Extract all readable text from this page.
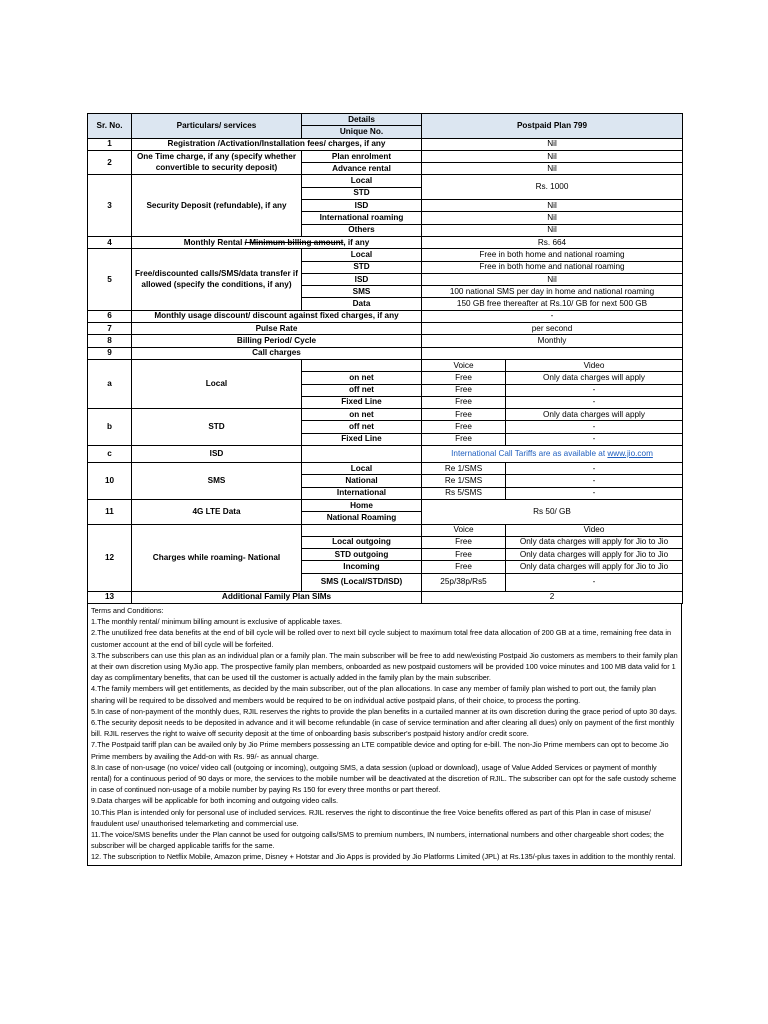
Sr. No.	Particulars/ services	Details	Postpaid Plan 799	
		Unique No.		
1	Registration /Activation/Installation fees/ charges, if any		Nil	
2	One Time charge, if any (specify whether convertible to security deposit)	Plan enrolment	Nil	
		Advance rental	Nil	
3	Security Deposit (refundable), if any	Local	Rs. 1000	
		STD		
		ISD	Nil	
		International roaming	Nil	
		Others	Nil	
4	Monthly Rental / Minimum billing amount, if any		Rs. 664	
5	Free/discounted calls/SMS/data transfer if allowed (specify the conditions, if any)	Local	Free in both home and national roaming	
		STD	Free in both home and national roaming	
		ISD	Nil	
		SMS	100 national SMS per day in home and national roaming	
		Data	150 GB free thereafter at Rs.10/ GB for next 500 GB	
6	Monthly usage discount/ discount against fixed charges, if any		-	
7	Pulse Rate		per second	
8	Billing Period/ Cycle		Monthly	
9	Call charges			
a	Local		Voice	Video
		on net	Free	Only data charges will apply
		off net	Free	-
		Fixed Line	Free	-
b	STD	on net	Free	Only data charges will apply
		off net	Free	-
		Fixed Line	Free	-
c	ISD		International Call Tariffs are as available at www.jio.com	
10	SMS	Local	Re 1/SMS	-
		National	Re 1/SMS	-
		International	Rs 5/SMS	-
11	4G LTE Data	Home	Rs 50/ GB	
		National Roaming		
12	Charges while roaming- National		Voice	Video
		Local outgoing	Free	Only data charges will apply for Jio to Jio
		STD outgoing	Free	Only data charges will apply for Jio to Jio
		Incoming	Free	Only data charges will apply for Jio to Jio
		SMS (Local/STD/ISD)	25p/38p/Rs5	-
13	Additional Family Plan SIMs		2	

Terms and Conditions:

1.The monthly rental/ minimum billing amount is exclusive of applicable taxes.

2.The unutilized free data benefits at the end of bill cycle will be rolled over to next bill cycle subject to maximum total free data allocation of 200 GB at a time, remaining free data in customer account at the end of bill cycle will be forfeited.

3.The subscribers can use this plan as an individual plan or a family plan. The main subscriber will be free to add new/existing Postpaid Jio customers as members to their family plan at their own discretion using MyJio app. The prospective family plan members, onboarded as new postpaid customers will be provided 100 voice minutes and 100 MB data valid for 1 day as complimentary benefits, that can be used till the customer is actually added in the family plan by the main subscriber.

4.The family members will get entitlements, as decided by the main subscriber, out of the plan allocations. In case any member of family plan wished to port out, the family plan sharing will be required to be dissolved and members would be required to be on individual active postpaid plans, of their choice, to process the porting.

5.In case of non-payment of the monthly dues, RJIL reserves the rights to provide the plan benefits in a curtailed manner at its own discretion during the grace period of upto 30 days.

6.The security deposit needs to be deposited in advance and it will become refundable (in case of service termination and after clearing all dues) only on payment of the first monthly bill. RJIL reserves the right to waive off security deposit at the time of onboarding basis subscriber's postpaid history and/or credit score.

7.The Postpaid tariff plan can be availed only by Jio Prime members possessing an LTE compatible device and opting for e-bill. The non-Jio Prime members can opt to become Jio Prime members by availing the Add-on with Rs. 99/- as annual charge.

8.In case of non-usage (no voice/ video call (outgoing or incoming), outgoing SMS, a data session (upload or download), usage of Value Added Services or payment of monthly rental) for a continuous period of 90 days or more, the services to the mobile number will be deactivated at the discretion of RJIL. The subscriber can opt for the safe custody scheme in case of continued non-usage of a mobile number by paying Rs 150 for every three months or part thereof.

9.Data charges will be applicable for both incoming and outgoing video calls.

10.This Plan is intended only for personal use of included services. RJIL reserves the right to discontinue the free Voice benefits offered as part of this Plan in case of misuse/ fraudulent use/ unauthorised telemarketing and commercial use.

11.The voice/SMS benefits under the Plan cannot be used for outgoing calls/SMS to premium numbers, IN numbers, international numbers and other chargeable short codes; the subscriber will be charged applicable tariffs for the same.

12. The subscription to Netflix Mobile, Amazon prime, Disney + Hotstar and Jio Apps is provided by Jio Platforms Limited (JPL) at Rs.135/-plus taxes in addition to the monthly rental.
